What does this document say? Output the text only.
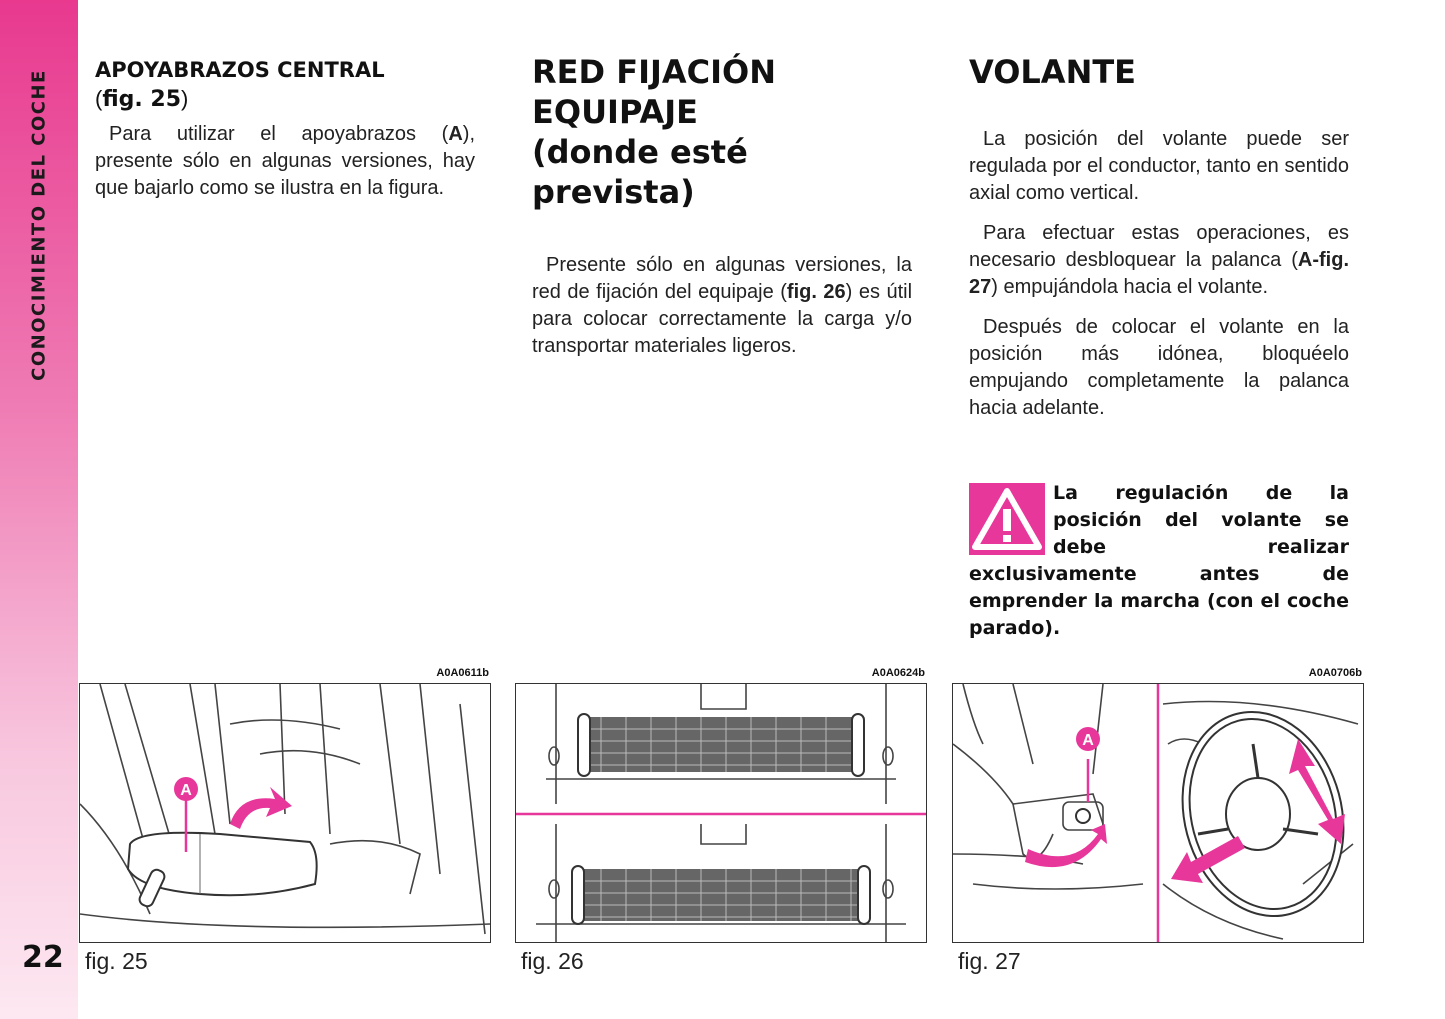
CONOCIMIENTO DEL COCHE
22
APOYABRAZOS CENTRAL
(fig. 25)

Para utilizar el apoyabrazos (A), presente sólo en algunas versiones, hay que bajarlo como se ilustra en la figura.

RED FIJACIÓN
EQUIPAJE
(donde esté prevista)

Presente sólo en algunas versiones, la red de fijación del equipaje (fig. 26) es útil para colocar correctamente la carga y/o transportar materiales ligeros.

VOLANTE

La posición del volante puede ser regulada por el conductor, tanto en sentido axial como vertical.

Para efectuar estas operaciones, es necesario desbloquear la palanca (A-fig. 27) empujándola hacia el volante.

Después de colocar el volante en la posición más idónea, bloquéelo empujando completamente la palanca hacia adelante.

La regulación de la posición del volante se debe realizar exclusivamente antes de emprender la marcha (con el coche parado).
A0A0611b	A0A0624b	A0A0706b
A
A
fig. 25	fig. 26	fig. 27
